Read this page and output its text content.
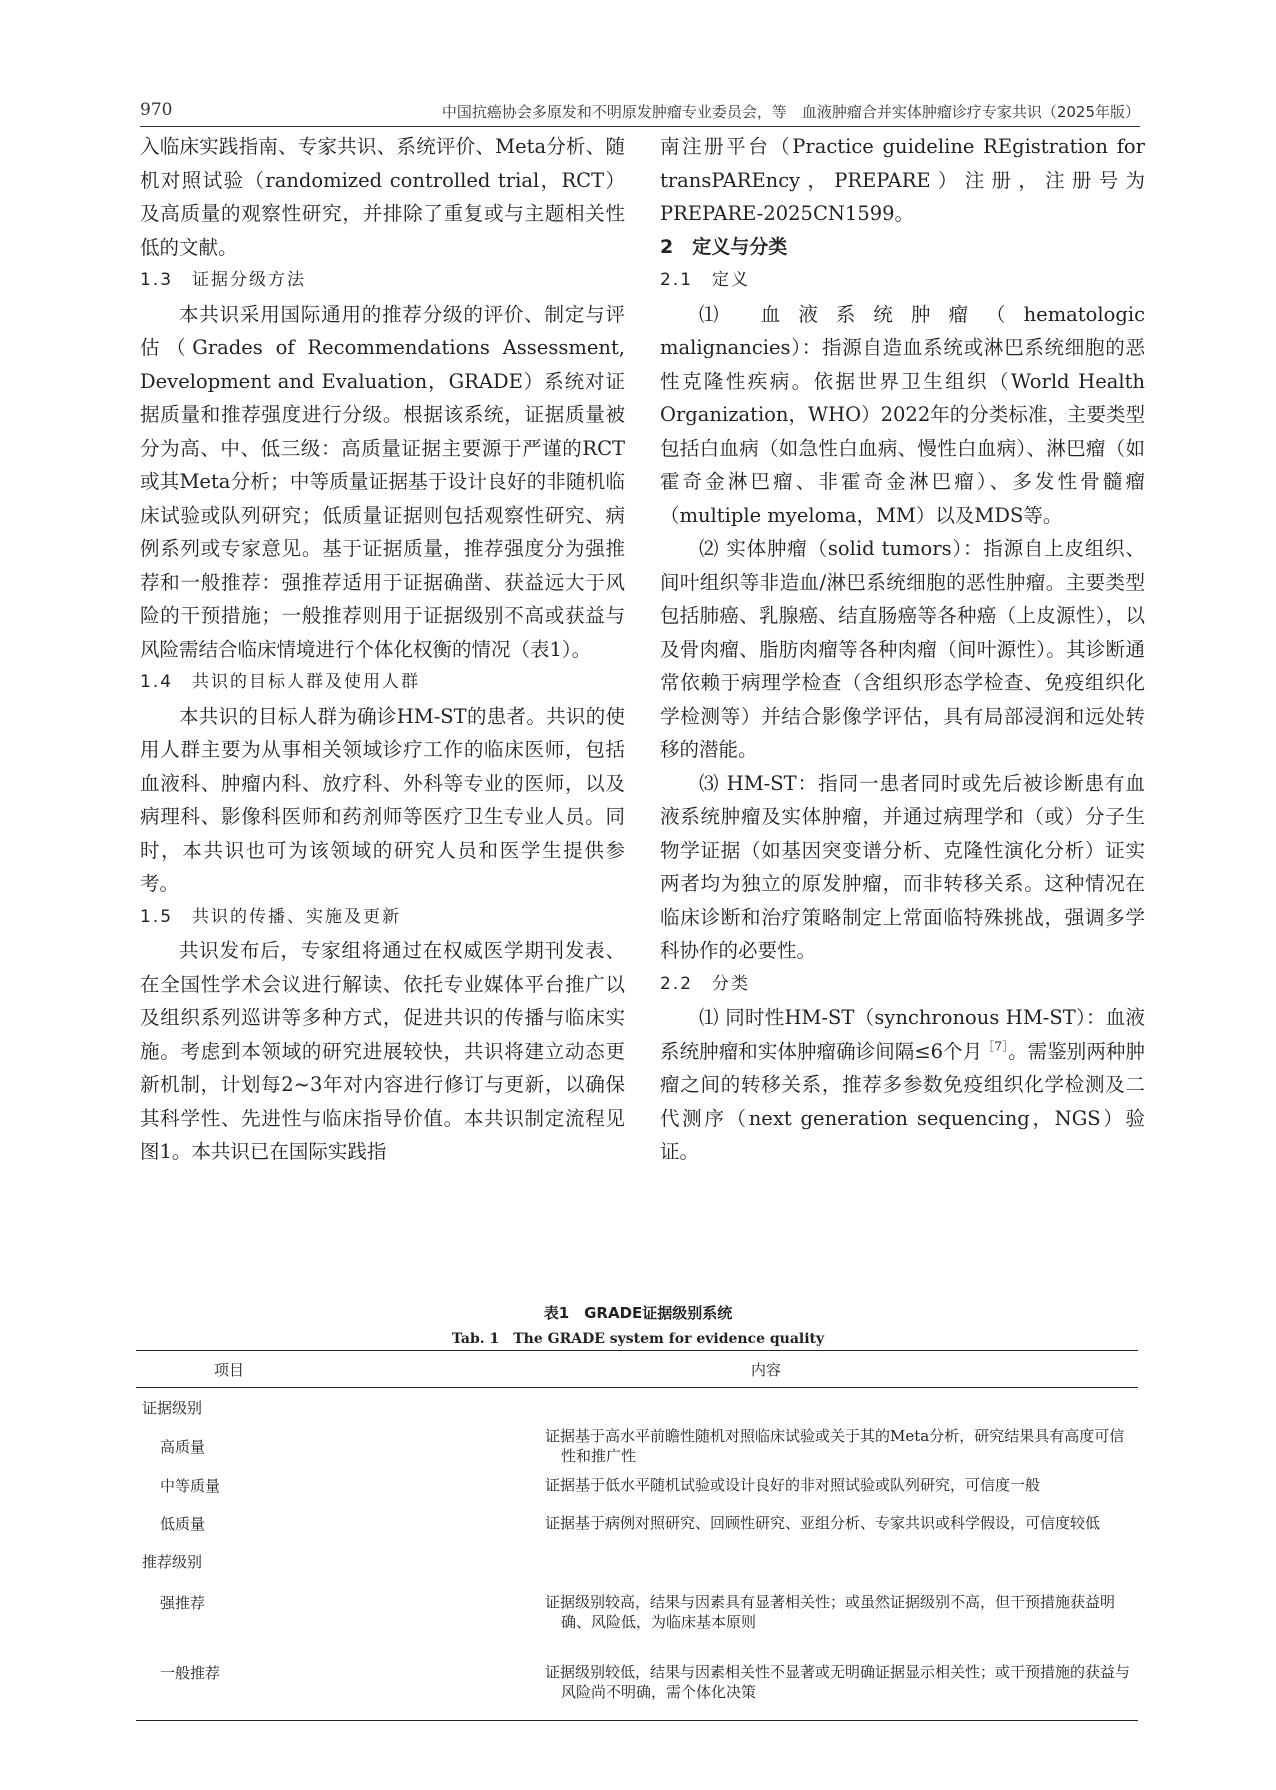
970	中国抗癌协会多原发和不明原发肿瘤专业委员会，等　血液肿瘤合并实体肿瘤诊疗专家共识（2025年版）

入临床实践指南、专家共识、系统评价、Meta分析、随机对照试验（randomized controlled trial，RCT）及高质量的观察性研究，并排除了重复或与主题相关性低的文献。

1.3　证据分级方法

本共识采用国际通用的推荐分级的评价、制定与评估（Grades of Recommendations Assessment, Development and Evaluation，GRADE）系统对证据质量和推荐强度进行分级。根据该系统，证据质量被分为高、中、低三级：高质量证据主要源于严谨的RCT或其Meta分析；中等质量证据基于设计良好的非随机临床试验或队列研究；低质量证据则包括观察性研究、病例系列或专家意见。基于证据质量，推荐强度分为强推荐和一般推荐：强推荐适用于证据确凿、获益远大于风险的干预措施；一般推荐则用于证据级别不高或获益与风险需结合临床情境进行个体化权衡的情况（表1）。

1.4　共识的目标人群及使用人群

本共识的目标人群为确诊HM-ST的患者。共识的使用人群主要为从事相关领域诊疗工作的临床医师，包括血液科、肿瘤内科、放疗科、外科等专业的医师，以及病理科、影像科医师和药剂师等医疗卫生专业人员。同时，本共识也可为该领域的研究人员和医学生提供参考。

1.5　共识的传播、实施及更新

共识发布后，专家组将通过在权威医学期刊发表、在全国性学术会议进行解读、依托专业媒体平台推广以及组织系列巡讲等多种方式，促进共识的传播与临床实施。考虑到本领域的研究进展较快，共识将建立动态更新机制，计划每2~3年对内容进行修订与更新，以确保其科学性、先进性与临床指导价值。本共识制定流程见图1。本共识已在国际实践指

南注册平台（Practice guideline REgistration for transPAREncy，PREPARE）注册，注册号为PREPARE-2025CN1599。

2　定义与分类

2.1　定义

⑴ 血液系统肿瘤（hematologic malignancies）：指源自造血系统或淋巴系统细胞的恶性克隆性疾病。依据世界卫生组织（World Health Organization，WHO）2022年的分类标准，主要类型包括白血病（如急性白血病、慢性白血病）、淋巴瘤（如霍奇金淋巴瘤、非霍奇金淋巴瘤）、多发性骨髓瘤（multiple myeloma，MM）以及MDS等。

⑵ 实体肿瘤（solid tumors）：指源自上皮组织、间叶组织等非造血/淋巴系统细胞的恶性肿瘤。主要类型包括肺癌、乳腺癌、结直肠癌等各种癌（上皮源性），以及骨肉瘤、脂肪肉瘤等各种肉瘤（间叶源性）。其诊断通常依赖于病理学检查（含组织形态学检查、免疫组织化学检测等）并结合影像学评估，具有局部浸润和远处转移的潜能。

⑶ HM-ST：指同一患者同时或先后被诊断患有血液系统肿瘤及实体肿瘤，并通过病理学和（或）分子生物学证据（如基因突变谱分析、克隆性演化分析）证实两者均为独立的原发肿瘤，而非转移关系。这种情况在临床诊断和治疗策略制定上常面临特殊挑战，强调多学科协作的必要性。

2.2　分类

⑴ 同时性HM-ST（synchronous HM-ST）：血液系统肿瘤和实体肿瘤确诊间隔≤6个月$^{[7]}$。需鉴别两种肿瘤之间的转移关系，推荐多参数免疫组织化学检测及二代测序（next generation sequencing，NGS）验证。

表1　GRADE证据级别系统
Tab. 1　The GRADE system for evidence quality
项目	内容
证据级别	
高质量	证据基于高水平前瞻性随机对照临床试验或关于其的Meta分析，研究结果具有高度可信性和推广性

中等质量	证据基于低水平随机试验或设计良好的非对照试验或队列研究，可信度一般

低质量	证据基于病例对照研究、回顾性研究、亚组分析、专家共识或科学假设，可信度较低

推荐级别	
强推荐	证据级别较高，结果与因素具有显著相关性；或虽然证据级别不高，但干预措施获益明确、风险低，为临床基本原则

一般推荐	证据级别较低，结果与因素相关性不显著或无明确证据显示相关性；或干预措施的获益与风险尚不明确，需个体化决策
